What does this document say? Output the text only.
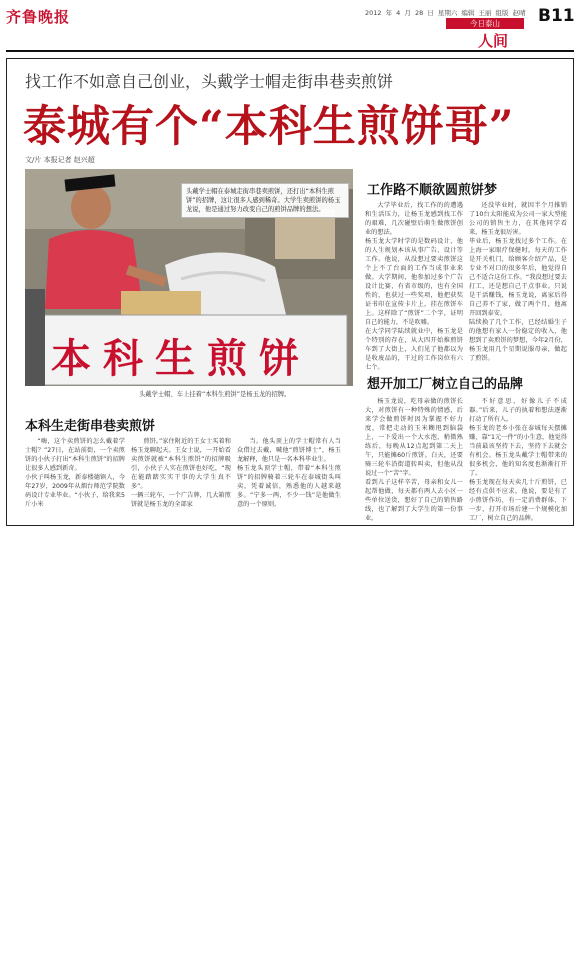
齐鲁晚报	2012 年 4 月 28 日 星期六 编辑 王丽 组版 赵晴
今日泰山
人间
B11
找工作不如意自己创业，头戴学士帽走街串巷卖煎饼
泰城有个“本科生煎饼哥”
文/片 本报记者 赵兴超
本科生煎饼
头戴学士帽在泰城走街串巷卖煎饼，还打出“本科生煎饼”的招牌，这让很多人感到稀奇。大学生卖煎饼的杨玉龙说，他是通过努力改变自己的煎饼品牌的想法。
头戴学士帽、车上挂着“本科生煎饼”是杨玉龙的招牌。
本科生走街串巷卖煎饼

“嗨，这个卖煎饼的怎么戴着学士帽？”27日，在站前街，一个卖煎饼的小伙子打出“本科生煎饼”的招牌让很多人感到新奇。
小伙子叫杨玉龙，新泰楼德镇人，今年27岁，2009年从烟台师范学院数码设计专业毕业。“小伙子，给我来5斤小米

煎饼。”家住附近的王女士买着和杨玉龙聊起天。王女士说，一开始看卖煎饼就被“本科生煎饼”的招牌吸引，小伙子人实在煎饼也好吃，“现在能踏踏实实干事的大学生真不多”。
一辆三轮车，一个广告牌，几大箱煎饼就是杨玉龙的全部家

当。他头顶上的学士帽常有人当众借过去戴，喊他“煎饼博士”，杨玉龙解释，他只是一名本科毕业生。
杨玉龙头顶学士帽，带着“本科生煎饼”的招牌骑着三轮车在泰城街头叫卖，凭着诚信，熟悉他的人越来越多。“宁多一两，不少一钱”是他做生意的一个原则。

工作路不顺欲圆煎饼梦

大学毕业后，找工作的的遭遇和生活压力，让杨玉龙感到找工作的艰难，几次碰壁后萌生做煎饼创业的想法。
杨玉龙大学时学的是数码设计，他的人生规划本该从事广告、设计等工作。他说，从没想过要卖煎饼这个上不了台面的工作当成事业来做。大学期间，他参加过多个广告设计比赛，有省市级的，也有全国性的，也获过一些奖项，他把获奖证书印在宣传卡片上，挂在煎饼车上。这样除了“煎饼”二个字，证明自己的能力，不是吹嘘。
在大学同学陆续就业中，杨玉龙是个特别的存在，从大四开始推煎饼车到了大街上，人们见了他都以为是收废品的，干过的工作岗位有六七个。

还没毕业时，就因半个月推销了10台太阳能成为公司一家大型能公司的销售主力，在其他同学看来，杨玉龙很厉害。
毕业后，杨玉龙找过多个工作。在上海一家眼疗保健时，每天的工作是开关机门，给顾客介绍产品，是专业不对口的很多年后，他觉得自己不适合这份工作。“我没想过要去打工，还是想自己干点事业。只说是干活赚钱，杨玉龙说，离家后得自己养不了家，做了两个月，他离开回到泰安。
陆续换了几个工作，已经结婚生子的他想有家人一份稳定的收入，他想到了卖煎饼的梦想，今年2月份，杨玉龙用几个星期说服母亲，做起了煎饼。

想开加工厂树立自己的品牌

杨玉龙说，吃母亲做的煎饼长大，对煎饼有一种特殊的情感，后来学会做煎饼时因为掌握不好力度，常把走动的玉米糊甩到脑袋上，一下爱出一个大水泡，稍微熟练后，每晚从12点起到第二天上午，只能摊60斤煎饼。白天，还要骑三轮车沿街道转叫卖，但他从没说过一个“苦”字。
看到儿子这样辛苦，母亲和女儿一起帮他做，每天都有两人去小区一些单位送货，想好了自己的销售路线，也了解到了大学生的第一份事业。

不好意思，好像儿子不成器。”后来，儿子的执着和想法逐渐打动了所有人。
杨玉龙的老乡小张在泰城每天摆摊赚，靠“1元一件”的小生意，他觉得当前最该坚持下去，坚持下去就会有机会。杨玉龙头戴学士帽带来的很多机会，他的知名度也渐渐打开了。
杨玉龙现在每天卖几十斤煎饼，已经有点供不应求。他说，要是有了小煎饼作坊，有一定消费群体，下一步，打开市场后建一个规模化加工厂，树立自己的品牌。
